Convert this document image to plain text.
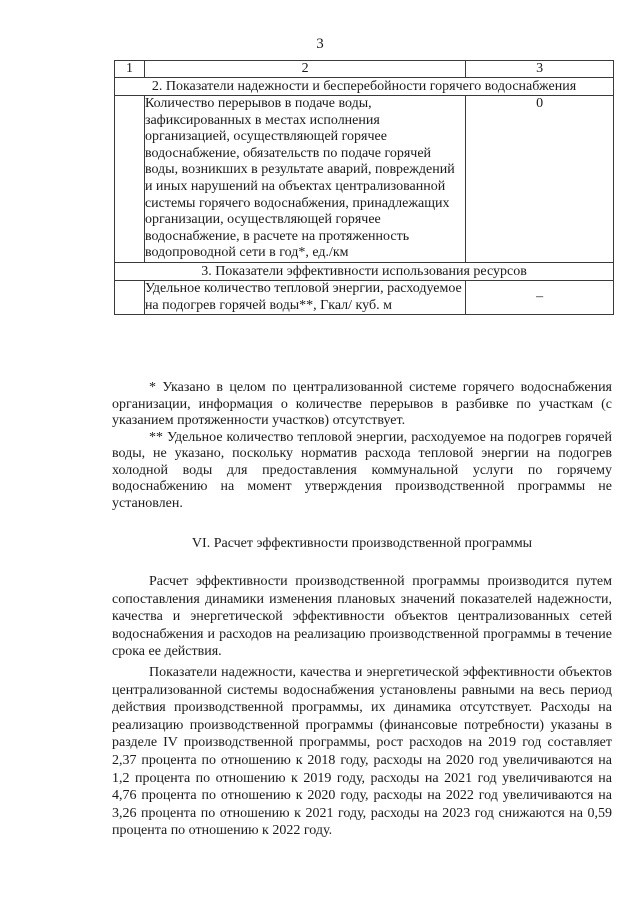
3
1	2	3
2. Показатели надежности и бесперебойности горячего водоснабжения		
	Количество перерывов в подаче воды, зафиксированных в местах исполнения организацией, осуществляющей горячее водоснабжение, обязательств по подаче горячей воды, возникших в результате аварий, повреждений и иных нарушений на объектах централизованной системы горячего водоснабжения, принадлежащих организации, осуществляющей горячее водоснабжение, в расчете на протяженность водопроводной сети в год*, ед./км	0
3. Показатели эффективности использования ресурсов		
	Удельное количество тепловой энергии, расходуемое на подогрев горячей воды**, Гкал/ куб. м	–

* Указано в целом по централизованной системе горячего водоснабжения организации, информация о количестве перерывов в разбивке по участкам (с указанием протяженности участков) отсутствует.

** Удельное количество тепловой энергии, расходуемое на подогрев горячей воды, не указано, поскольку норматив расхода тепловой энергии на подогрев холодной воды для предоставления коммунальной услуги по горячему водоснабжению на момент утверждения производственной программы не установлен.

VI. Расчет эффективности производственной программы

Расчет эффективности производственной программы производится путем сопоставления динамики изменения плановых значений показателей надежности, качества и энергетической эффективности объектов централизованных сетей водоснабжения и расходов на реализацию производственной программы в течение срока ее действия.

Показатели надежности, качества и энергетической эффективности объектов централизованной системы водоснабжения установлены равными на весь период действия производственной программы, их динамика отсутствует. Расходы на реализацию производственной программы (финансовые потребности) указаны в разделе IV производственной программы, рост расходов на 2019 год составляет 2,37 процента по отношению к 2018 году, расходы на 2020 год увеличиваются на 1,2 процента по отношению к 2019 году, расходы на 2021 год увеличиваются на 4,76 процента по отношению к 2020 году, расходы на 2022 год увеличиваются на 3,26 процента по отношению к 2021 году, расходы на 2023 год снижаются на 0,59 процента по отношению к 2022 году.
